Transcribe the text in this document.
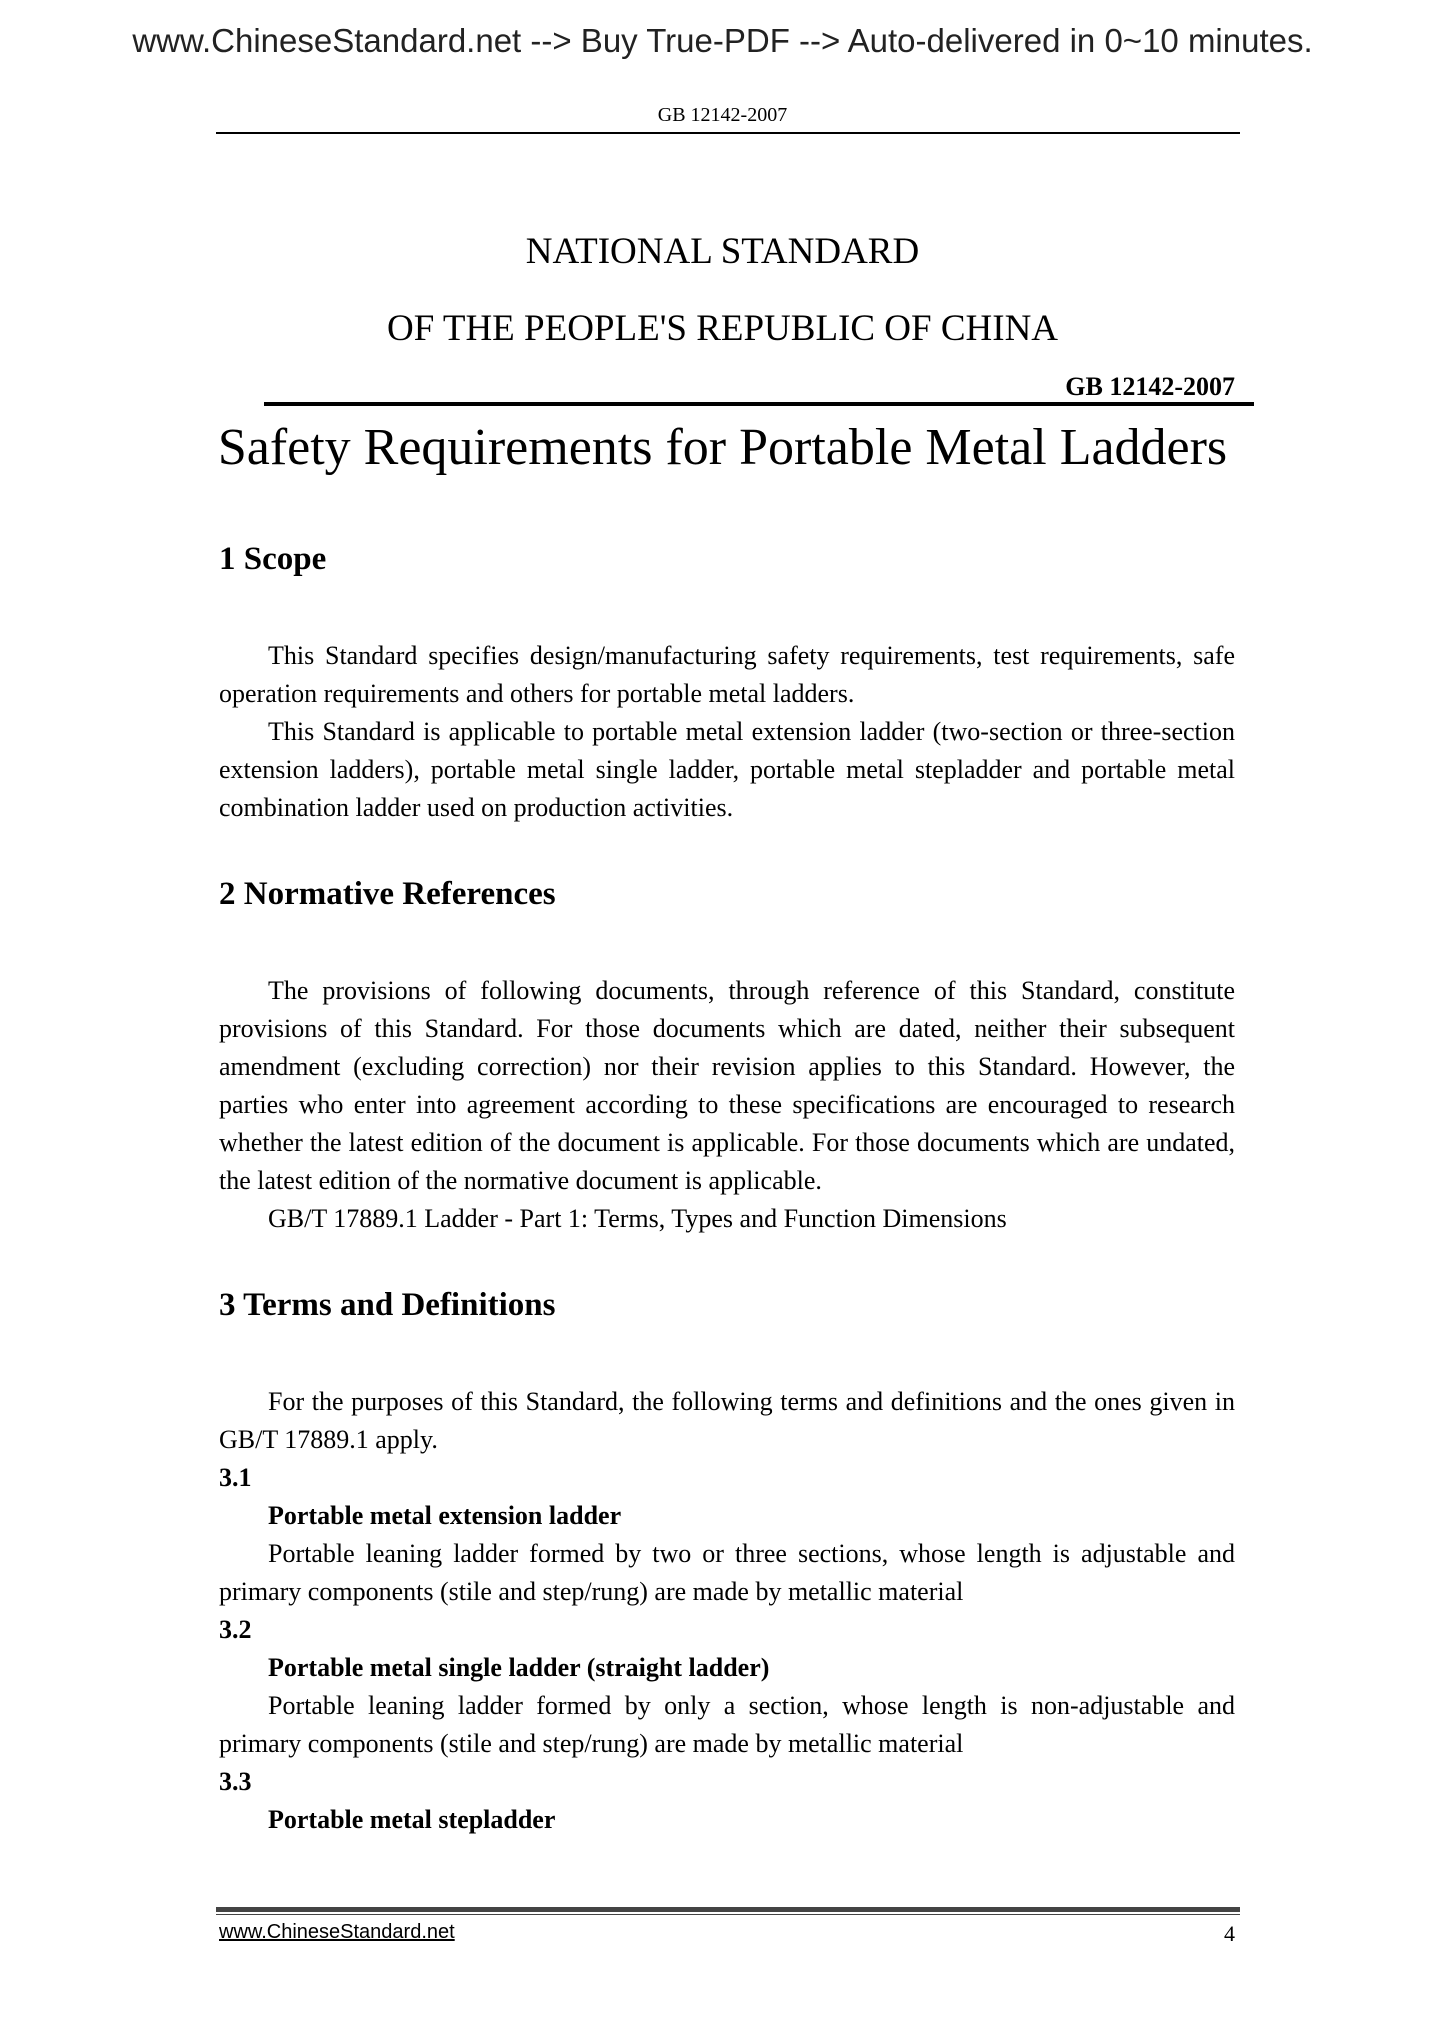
www.ChineseStandard.net --> Buy True-PDF --> Auto-delivered in 0~10 minutes.
GB 12142-2007
NATIONAL STANDARD
OF THE PEOPLE'S REPUBLIC OF CHINA
GB 12142-2007
Safety Requirements for Portable Metal Ladders
1 Scope

This Standard specifies design/manufacturing safety requirements, test requirements, safe operation requirements and others for portable metal ladders.

This Standard is applicable to portable metal extension ladder (two-section or three-section extension ladders), portable metal single ladder, portable metal stepladder and portable metal combination ladder used on production activities.

2 Normative References

The provisions of following documents, through reference of this Standard, constitute provisions of this Standard. For those documents which are dated, neither their subsequent amendment (excluding correction) nor their revision applies to this Standard. However, the parties who enter into agreement according to these specifications are encouraged to research whether the latest edition of the document is applicable. For those documents which are undated, the latest edition of the normative document is applicable.

GB/T 17889.1 Ladder - Part 1: Terms, Types and Function Dimensions

3 Terms and Definitions

For the purposes of this Standard, the following terms and definitions and the ones given in GB/T 17889.1 apply.

3.1

Portable metal extension ladder

Portable leaning ladder formed by two or three sections, whose length is adjustable and primary components (stile and step/rung) are made by metallic material

3.2

Portable metal single ladder (straight ladder)

Portable leaning ladder formed by only a section, whose length is non-adjustable and primary components (stile and step/rung) are made by metallic material

3.3

Portable metal stepladder

www.ChineseStandard.net	4
